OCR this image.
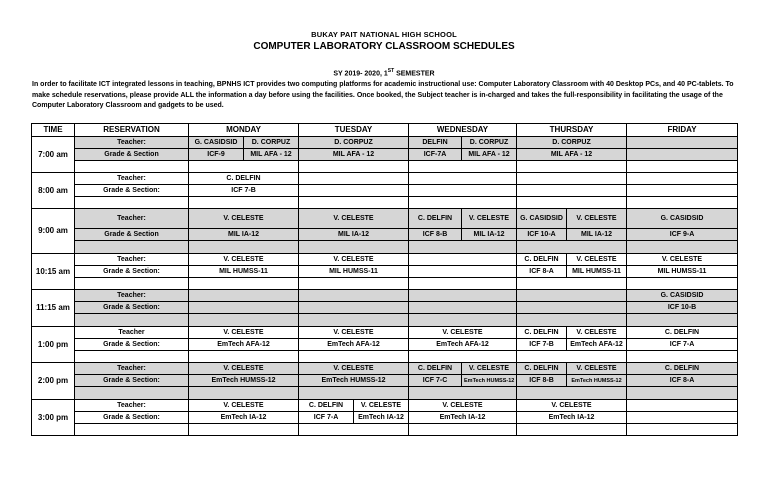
BUKAY PAIT NATIONAL HIGH SCHOOL
COMPUTER LABORATORY CLASSROOM SCHEDULES
SY 2019- 2020, 1ST SEMESTER
In order to facilitate ICT integrated lessons in teaching, BPNHS ICT provides two computing platforms for academic instructional use: Computer Laboratory Classroom with 40 Desktop PCs, and 40 PC-tablets. To make schedule reservations, please provide ALL the information a day before using the facilities. Once booked, the Subject teacher is in-charged and takes the full-responsibility in facilitating the usage of the Computer Laboratory Classroom and gadgets to be used.
TIME	RESERVATION	MONDAY		TUESDAY		WEDNESDAY		THURSDAY		FRIDAY
7:00 am	Teacher:	G. CASIDSID	D. CORPUZ	D. CORPUZ		DELFIN	D. CORPUZ	D. CORPUZ		
	Grade & Section	ICF-9	MIL AFA - 12	MIL AFA - 12		ICF-7A	MIL AFA - 12	MIL AFA - 12		

8:00 am	Teacher:	C. DELFIN								
	Grade & Section:	ICF 7-B								

9:00 am	Teacher:	V. CELESTE		V. CELESTE		C. DELFIN	V. CELESTE	G. CASIDSID	V. CELESTE	G. CASIDSID
	Grade & Section	MIL IA-12		MIL IA-12		ICF 8-B	MIL IA-12	ICF 10-A	MIL IA-12	ICF 9-A

10:15 am	Teacher:	V. CELESTE		V. CELESTE				C. DELFIN	V. CELESTE	V. CELESTE
	Grade & Section:	MIL HUMSS-11		MIL HUMSS-11				ICF 8-A	MIL HUMSS-11	MIL HUMSS-11

11:15 am	Teacher:									G. CASIDSID
	Grade & Section:									ICF 10-B

1:00 pm	Teacher	V. CELESTE		V. CELESTE		V. CELESTE		C. DELFIN	V. CELESTE	C. DELFIN
	Grade & Section:	EmTech AFA-12		EmTech AFA-12		EmTech AFA-12		ICF 7-B	EmTech AFA-12	ICF 7-A

2:00 pm	Teacher:	V. CELESTE		V. CELESTE		C. DELFIN	V. CELESTE	C. DELFIN	V. CELESTE	C. DELFIN
	Grade & Section:	EmTech HUMSS-12		EmTech HUMSS-12		ICF 7-C	EmTech HUMSS-12	ICF 8-B	EmTech HUMSS-12	ICF 8-A

3:00 pm	Teacher:	V. CELESTE		C. DELFIN	V. CELESTE	V. CELESTE		V. CELESTE		
	Grade & Section:	EmTech IA-12		ICF 7-A	EmTech IA-12	EmTech IA-12		EmTech IA-12		
